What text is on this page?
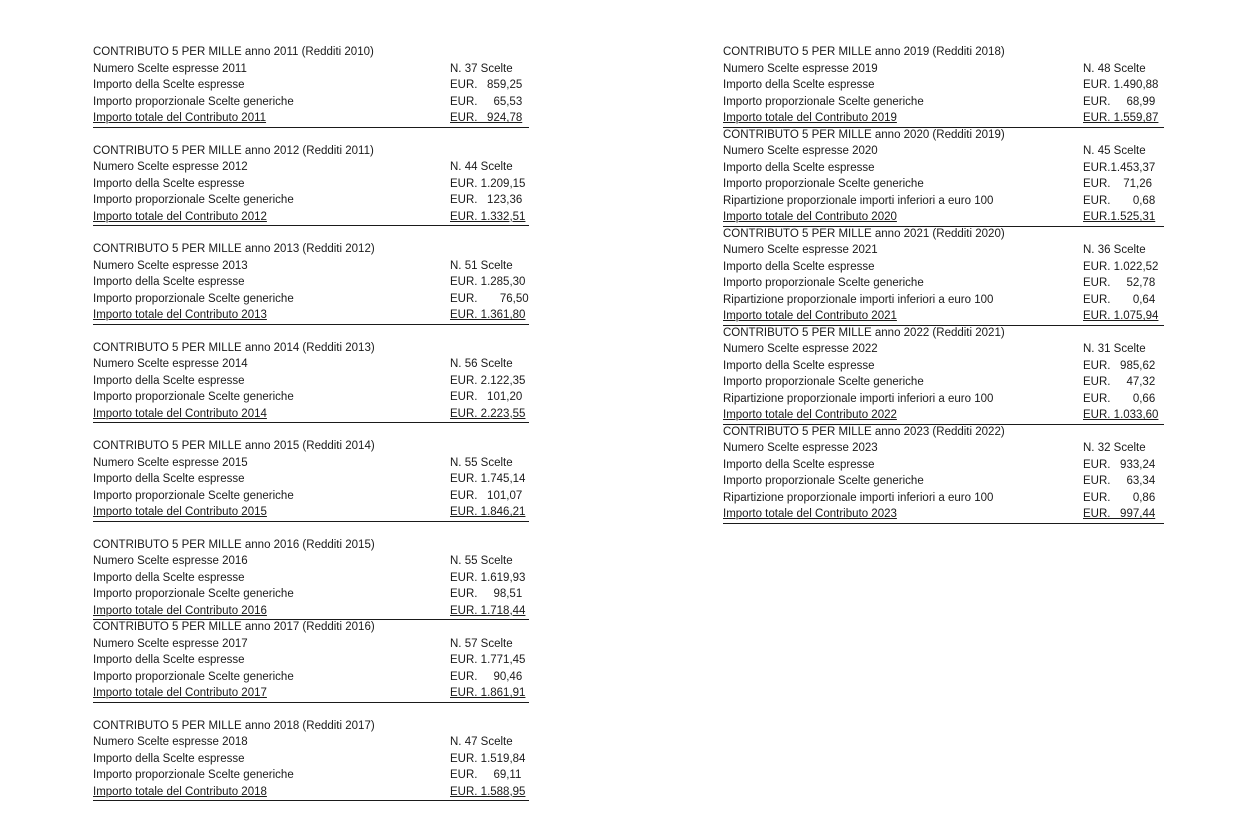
CONTRIBUTO 5 PER MILLE anno 2011 (Redditi 2010)
Numero Scelte espresse 2011	N. 37 Scelte
Importo della Scelte espresse	EUR.   859,25
Importo proporzionale Scelte generiche	EUR.     65,53
Importo totale del Contributo 2011	EUR.   924,78
CONTRIBUTO 5 PER MILLE anno 2012 (Redditi 2011)
Numero Scelte espresse 2012	N. 44 Scelte
Importo della Scelte espresse	EUR. 1.209,15
Importo proporzionale Scelte generiche	EUR.   123,36
Importo totale del Contributo 2012	EUR. 1.332,51
CONTRIBUTO 5 PER MILLE anno 2013 (Redditi 2012)
Numero Scelte espresse 2013	N. 51 Scelte
Importo della Scelte espresse	EUR. 1.285,30
Importo proporzionale Scelte generiche	EUR.       76,50
Importo totale del Contributo 2013	EUR. 1.361,80
CONTRIBUTO 5 PER MILLE anno 2014 (Redditi 2013)
Numero Scelte espresse 2014	N. 56 Scelte
Importo della Scelte espresse	EUR. 2.122,35
Importo proporzionale Scelte generiche	EUR.   101,20
Importo totale del Contributo 2014	EUR. 2.223,55
CONTRIBUTO 5 PER MILLE anno 2015 (Redditi 2014)
Numero Scelte espresse 2015	N. 55 Scelte
Importo della Scelte espresse	EUR. 1.745,14
Importo proporzionale Scelte generiche	EUR.   101,07
Importo totale del Contributo 2015	EUR. 1.846,21
CONTRIBUTO 5 PER MILLE anno 2016 (Redditi 2015)
Numero Scelte espresse 2016	N. 55 Scelte
Importo della Scelte espresse	EUR. 1.619,93
Importo proporzionale Scelte generiche	EUR.     98,51
Importo totale del Contributo 2016	EUR. 1.718,44
CONTRIBUTO 5 PER MILLE anno 2017 (Redditi 2016)
Numero Scelte espresse 2017	N. 57 Scelte
Importo della Scelte espresse	EUR. 1.771,45
Importo proporzionale Scelte generiche	EUR.     90,46
Importo totale del Contributo 2017	EUR. 1.861,91
CONTRIBUTO 5 PER MILLE anno 2018 (Redditi 2017)
Numero Scelte espresse 2018	N. 47 Scelte
Importo della Scelte espresse	EUR. 1.519,84
Importo proporzionale Scelte generiche	EUR.     69,11
Importo totale del Contributo 2018	EUR. 1.588,95
CONTRIBUTO 5 PER MILLE anno 2019 (Redditi 2018)
Numero Scelte espresse 2019	N. 48 Scelte
Importo della Scelte espresse	EUR. 1.490,88
Importo proporzionale Scelte generiche	EUR.     68,99
Importo totale del Contributo 2019	EUR. 1.559,87
CONTRIBUTO 5 PER MILLE anno 2020 (Redditi 2019)
Numero Scelte espresse 2020	N. 45 Scelte
Importo della Scelte espresse	EUR.1.453,37
Importo proporzionale Scelte generiche	EUR.    71,26
Ripartizione proporzionale importi inferiori a euro 100	EUR.       0,68
Importo totale del Contributo 2020	EUR.1.525,31
CONTRIBUTO 5 PER MILLE anno 2021 (Redditi 2020)
Numero Scelte espresse 2021	N. 36 Scelte
Importo della Scelte espresse	EUR. 1.022,52
Importo proporzionale Scelte generiche	EUR.     52,78
Ripartizione proporzionale importi inferiori a euro 100	EUR.       0,64
Importo totale del Contributo 2021	EUR. 1.075,94
CONTRIBUTO 5 PER MILLE anno 2022 (Redditi 2021)
Numero Scelte espresse 2022	N. 31 Scelte
Importo della Scelte espresse	EUR.   985,62
Importo proporzionale Scelte generiche	EUR.     47,32
Ripartizione proporzionale importi inferiori a euro 100	EUR.       0,66
Importo totale del Contributo 2022	EUR. 1.033,60
CONTRIBUTO 5 PER MILLE anno 2023 (Redditi 2022)
Numero Scelte espresse 2023	N. 32 Scelte
Importo della Scelte espresse	EUR.   933,24
Importo proporzionale Scelte generiche	EUR.     63,34
Ripartizione proporzionale importi inferiori a euro 100	EUR.       0,86
Importo totale del Contributo 2023	EUR.   997,44
